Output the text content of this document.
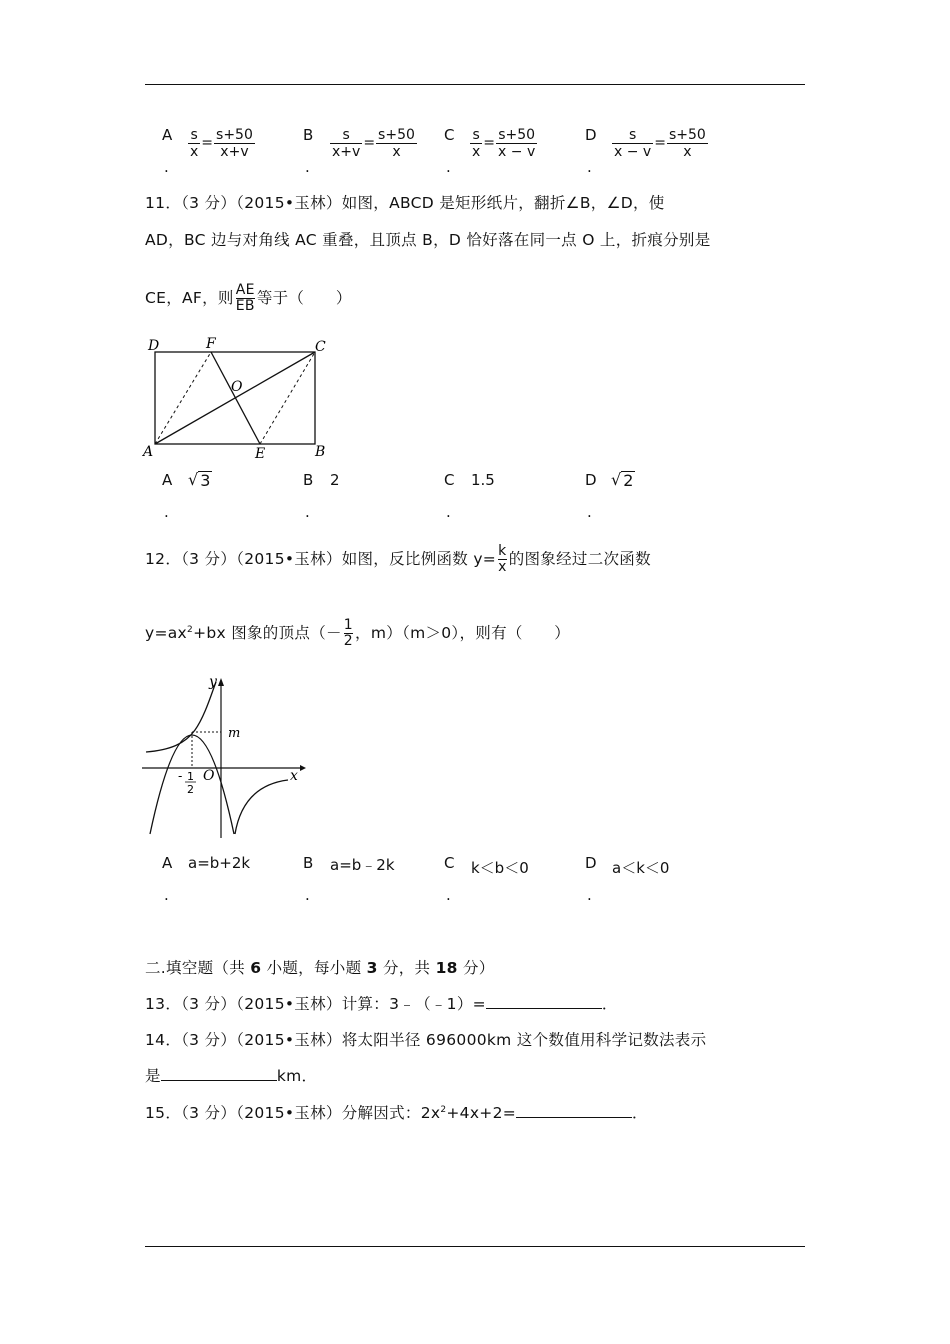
A
.
$\frac{s}{x} = \frac{s+50}{x+v}$	B
.
$\frac{s}{x+v} = \frac{s+50}{x}$ C
.
$\frac{s}{x} = \frac{s+50}{x - v}$	D
.
$\frac{s}{x - v} = \frac{s+50}{x}$
11．（3 分）（2015•玉林）如图，ABCD 是矩形纸片，翻折∠B，∠D，使
AD，BC 边与对角线 AC 重叠，且顶点 B，D 恰好落在同一点 O 上，折痕分别是
CE，AF，则 $\frac{AE}{EB}$ 等于（　　）
D	F	C
O
A	E	B
A √ 3
.
B 2
.
C 1.5
.
D √ 2
.
12．（3 分）（2015•玉林）如图，反比例函数 $y= \frac{k}{x}$ 的图象经过二次函数
$y=ax^2+bx$ 图象的顶点（－ $\frac{1}{2}$ ，m）（m＞0），则有（　　）
y
m
O	x
- 1
2
A a=b+2k
.
B a=b﹣2k
.
C k＜b＜0
.
D a＜k＜0
.
二.填空题（共 6 小题，每小题 3 分，共 18 分）
13．（3 分）（2015•玉林）计算：3﹣（﹣1）=	．
14．（3 分）（2015•玉林）将太阳半径 696000km 这个数值用科学记数法表示
是	km．
15．（3 分）（2015•玉林）分解因式：$2x^2+4x+2=$	．
